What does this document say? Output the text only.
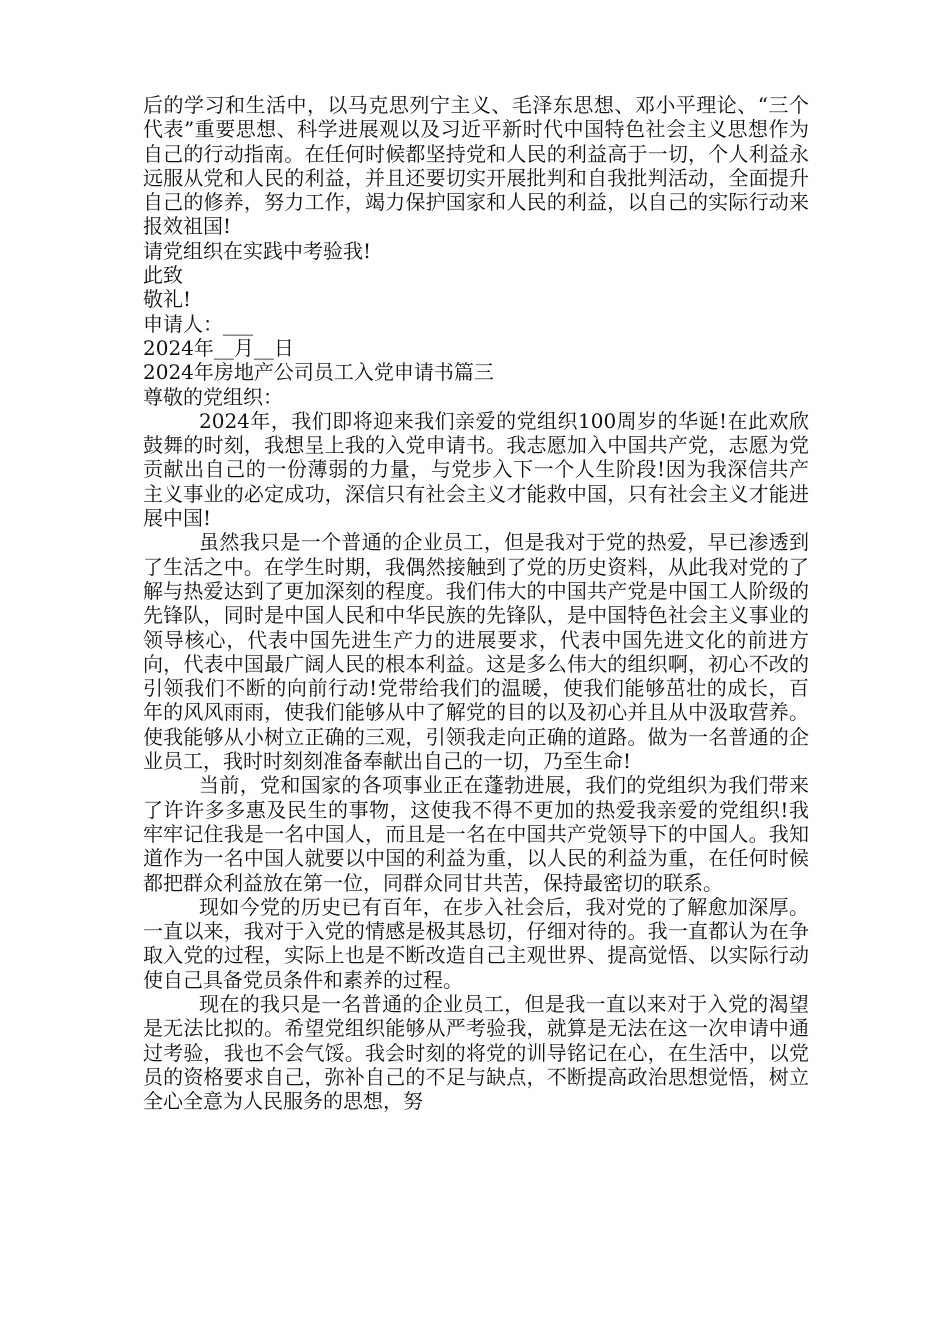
后的学习和生活中，以马克思列宁主义、毛泽东思想、邓小平理论、“三个代表”重要思想、科学进展观以及习近平新时代中国特色社会主义思想作为自己的行动指南。在任何时候都坚持党和人民的利益高于一切，个人利益永远服从党和人民的利益，并且还要切实开展批判和自我批判活动，全面提升自己的修养，努力工作，竭力保护国家和人民的利益，以自己的实际行动来报效祖国!

请党组织在实践中考验我!

此致

敬礼!

申请人：___

2024年__月__日

2024年房地产公司员工入党申请书篇三

尊敬的党组织：

2024年，我们即将迎来我们亲爱的党组织100周岁的华诞!在此欢欣鼓舞的时刻，我想呈上我的入党申请书。我志愿加入中国共产党，志愿为党贡献出自己的一份薄弱的力量，与党步入下一个人生阶段!因为我深信共产主义事业的必定成功，深信只有社会主义才能救中国，只有社会主义才能进展中国!

虽然我只是一个普通的企业员工，但是我对于党的热爱，早已渗透到了生活之中。在学生时期，我偶然接触到了党的历史资料，从此我对党的了解与热爱达到了更加深刻的程度。我们伟大的中国共产党是中国工人阶级的先锋队，同时是中国人民和中华民族的先锋队，是中国特色社会主义事业的领导核心，代表中国先进生产力的进展要求，代表中国先进文化的前进方向，代表中国最广阔人民的根本利益。这是多么伟大的组织啊，初心不改的引领我们不断的向前行动!党带给我们的温暖，使我们能够茁壮的成长，百年的风风雨雨，使我们能够从中了解党的目的以及初心并且从中汲取营养。使我能够从小树立正确的三观，引领我走向正确的道路。做为一名普通的企业员工，我时时刻刻准备奉献出自己的一切，乃至生命!

当前，党和国家的各项事业正在蓬勃进展，我们的党组织为我们带来了许许多多惠及民生的事物，这使我不得不更加的热爱我亲爱的党组织!我牢牢记住我是一名中国人，而且是一名在中国共产党领导下的中国人。我知道作为一名中国人就要以中国的利益为重，以人民的利益为重，在任何时候都把群众利益放在第一位，同群众同甘共苦，保持最密切的联系。

现如今党的历史已有百年，在步入社会后，我对党的了解愈加深厚。一直以来，我对于入党的情感是极其恳切，仔细对待的。我一直都认为在争取入党的过程，实际上也是不断改造自己主观世界、提高觉悟、以实际行动使自己具备党员条件和素养的过程。

现在的我只是一名普通的企业员工，但是我一直以来对于入党的渴望是无法比拟的。希望党组织能够从严考验我，就算是无法在这一次申请中通过考验，我也不会气馁。我会时刻的将党的训导铭记在心，在生活中，以党员的资格要求自己，弥补自己的不足与缺点，不断提高政治思想觉悟，树立全心全意为人民服务的思想，努
